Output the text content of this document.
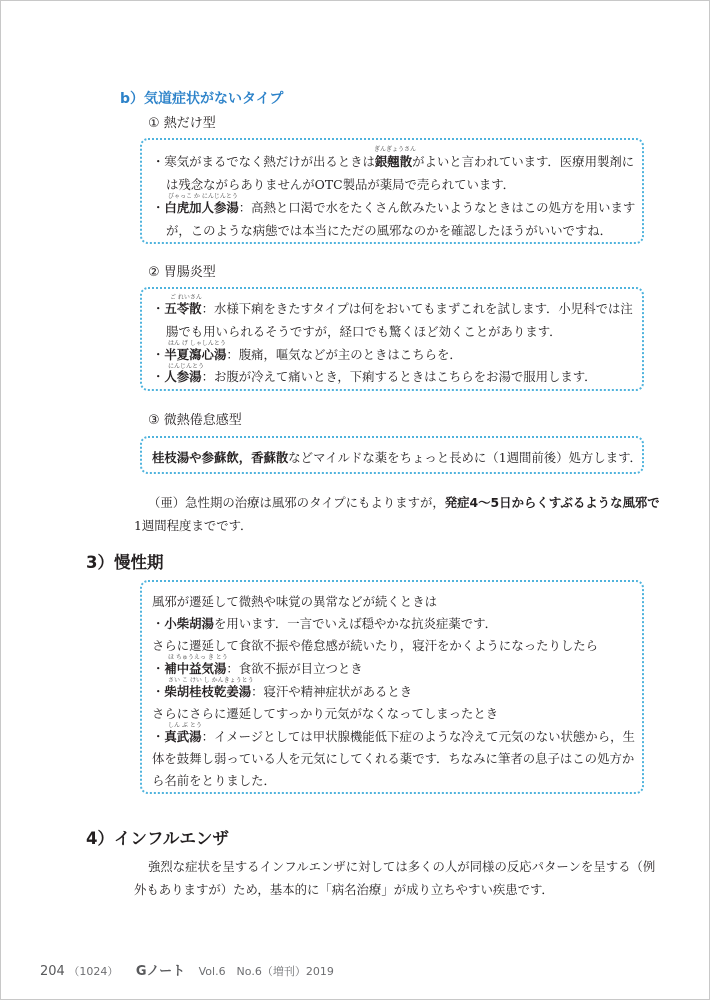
b）気道症状がないタイプ
① 熱だけ型
ぎんぎょうさん
・寒気がまるでなく熱だけが出るときは銀翹散がよいと言われています．医療用製剤に
は残念ながらありませんがOTC製品が薬局で売られています．
びゃっこ か にんじんとう
・白虎加人参湯：高熱と口渇で水をたくさん飲みたいようなときはこの処方を用います
が，このような病態では本当にただの風邪なのかを確認したほうがいいですね．
② 胃腸炎型
ご れいさん
・五苓散：水様下痢をきたすタイプは何をおいてもまずこれを試します．小児科では注
腸でも用いられるそうですが，経口でも驚くほど効くことがあります．
はん げ しゃしんとう
・半夏瀉心湯：腹痛，嘔気などが主のときはこちらを．
にんじんとう
・人参湯：お腹が冷えて痛いとき，下痢するときはこちらをお湯で服用します．
③ 微熱倦怠感型
桂枝湯や参蘇飲，香蘇散などマイルドな薬をちょっと長めに（1週間前後）処方します．
（亜）急性期の治療は風邪のタイプにもよりますが，発症4～5日からくすぶるような風邪で
1週間程度までです．
3）慢性期
風邪が遷延して微熱や味覚の異常などが続くときは
・小柴胡湯を用います．一言でいえば穏やかな抗炎症薬です．
さらに遷延して食欲不振や倦怠感が続いたり，寝汗をかくようになったりしたら
ほ ちゅうえっ き とう
・補中益気湯：食欲不振が目立つとき
さい こ けい し かんきょうとう
・柴胡桂枝乾姜湯：寝汗や精神症状があるとき
さらにさらに遷延してすっかり元気がなくなってしまったとき
しん ぶ とう
・真武湯：イメージとしては甲状腺機能低下症のような冷えて元気のない状態から，生
体を鼓舞し弱っている人を元気にしてくれる薬です．ちなみに筆者の息子はこの処方か
ら名前をとりました．
4）インフルエンザ
強烈な症状を呈するインフルエンザに対しては多くの人が同様の反応パターンを呈する（例
外もありますが）ため，基本的に「病名治療」が成り立ちやすい疾患です．
204 （1024） Gノート Vol.6　No.6（増刊）2019
